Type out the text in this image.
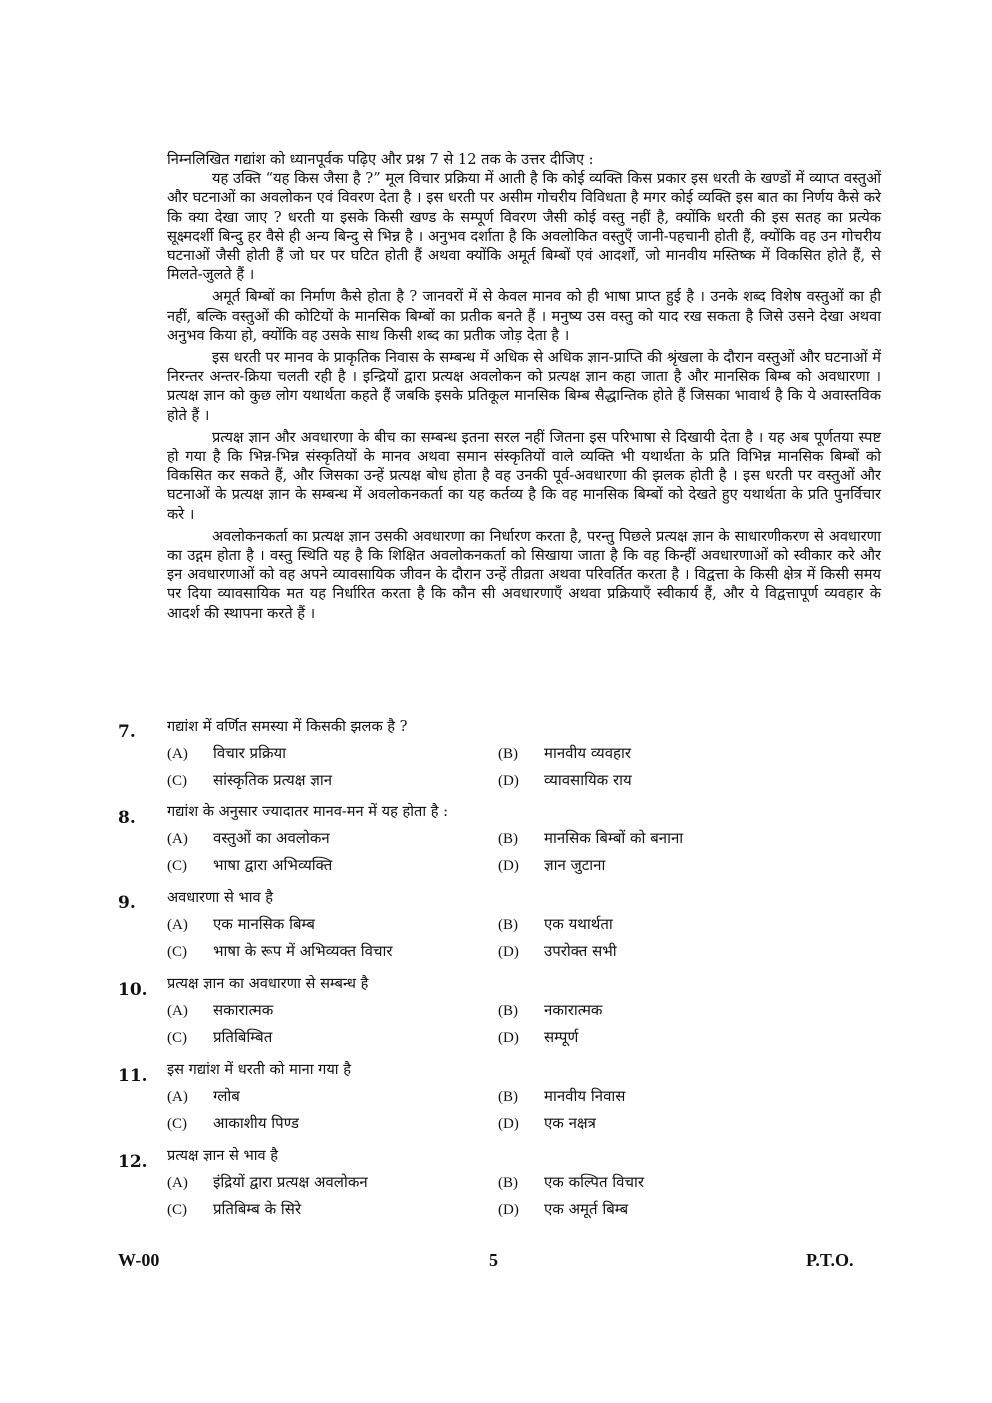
निम्नलिखित गद्यांश को ध्यानपूर्वक पढ़िए और प्रश्न 7 से 12 तक के उत्तर दीजिए :

यह उक्ति “यह किस जैसा है ?” मूल विचार प्रक्रिया में आती है कि कोई व्यक्ति किस प्रकार इस धरती के खण्डों में व्याप्त वस्तुओं और घटनाओं का अवलोकन एवं विवरण देता है । इस धरती पर असीम गोचरीय विविधता है मगर कोई व्यक्ति इस बात का निर्णय कैसे करे कि क्या देखा जाए ? धरती या इसके किसी खण्ड के सम्पूर्ण विवरण जैसी कोई वस्तु नहीं है, क्योंकि धरती की इस सतह का प्रत्येक सूक्ष्मदर्शी बिन्दु हर वैसे ही अन्य बिन्दु से भिन्न है । अनुभव दर्शाता है कि अवलोकित वस्तुएँ जानी-पहचानी होती हैं, क्योंकि वह उन गोचरीय घटनाओं जैसी होती हैं जो घर पर घटित होती हैं अथवा क्योंकि अमूर्त बिम्बों एवं आदर्शों, जो मानवीय मस्तिष्क में विकसित होते हैं, से मिलते-जुलते हैं ।

अमूर्त बिम्बों का निर्माण कैसे होता है ? जानवरों में से केवल मानव को ही भाषा प्राप्त हुई है । उनके शब्द विशेष वस्तुओं का ही नहीं, बल्कि वस्तुओं की कोटियों के मानसिक बिम्बों का प्रतीक बनते हैं । मनुष्य उस वस्तु को याद रख सकता है जिसे उसने देखा अथवा अनुभव किया हो, क्योंकि वह उसके साथ किसी शब्द का प्रतीक जोड़ देता है ।

इस धरती पर मानव के प्राकृतिक निवास के सम्बन्ध में अधिक से अधिक ज्ञान-प्राप्ति की श्रृंखला के दौरान वस्तुओं और घटनाओं में निरन्तर अन्तर-क्रिया चलती रही है । इन्द्रियों द्वारा प्रत्यक्ष अवलोकन को प्रत्यक्ष ज्ञान कहा जाता है और मानसिक बिम्ब को अवधारणा । प्रत्यक्ष ज्ञान को कुछ लोग यथार्थता कहते हैं जबकि इसके प्रतिकूल मानसिक बिम्ब सैद्धान्तिक होते हैं जिसका भावार्थ है कि ये अवास्तविक होते हैं ।

प्रत्यक्ष ज्ञान और अवधारणा के बीच का सम्बन्ध इतना सरल नहीं जितना इस परिभाषा से दिखायी देता है । यह अब पूर्णतया स्पष्ट हो गया है कि भिन्न-भिन्न संस्कृतियों के मानव अथवा समान संस्कृतियों वाले व्यक्ति भी यथार्थता के प्रति विभिन्न मानसिक बिम्बों को विकसित कर सकते हैं, और जिसका उन्हें प्रत्यक्ष बोध होता है वह उनकी पूर्व-अवधारणा की झलक होती है । इस धरती पर वस्तुओं और घटनाओं के प्रत्यक्ष ज्ञान के सम्बन्ध में अवलोकनकर्ता का यह कर्तव्य है कि वह मानसिक बिम्बों को देखते हुए यथार्थता के प्रति पुनर्विचार करे ।

अवलोकनकर्ता का प्रत्यक्ष ज्ञान उसकी अवधारणा का निर्धारण करता है, परन्तु पिछले प्रत्यक्ष ज्ञान के साधारणीकरण से अवधारणा का उद्गम होता है । वस्तु स्थिति यह है कि शिक्षित अवलोकनकर्ता को सिखाया जाता है कि वह किन्हीं अवधारणाओं को स्वीकार करे और इन अवधारणाओं को वह अपने व्यावसायिक जीवन के दौरान उन्हें तीव्रता अथवा परिवर्तित करता है । विद्वत्ता के किसी क्षेत्र में किसी समय पर दिया व्यावसायिक मत यह निर्धारित करता है कि कौन सी अवधारणाएँ अथवा प्रक्रियाएँ स्वीकार्य हैं, और ये विद्वत्तापूर्ण व्यवहार के आदर्श की स्थापना करते हैं ।

7.	गद्यांश में वर्णित समस्या में किसकी झलक है ?
(A) विचार प्रक्रिया	(B) मानवीय व्यवहार
(C) सांस्कृतिक प्रत्यक्ष ज्ञान	(D) व्यावसायिक राय
8.	गद्यांश के अनुसार ज्यादातर मानव-मन में यह होता है :
(A) वस्तुओं का अवलोकन	(B) मानसिक बिम्बों को बनाना
(C) भाषा द्वारा अभिव्यक्ति	(D) ज्ञान जुटाना
9.	अवधारणा से भाव है
(A) एक मानसिक बिम्ब	(B) एक यथार्थता
(C) भाषा के रूप में अभिव्यक्त विचार	(D) उपरोक्त सभी
10.	प्रत्यक्ष ज्ञान का अवधारणा से सम्बन्ध है
(A) सकारात्मक	(B) नकारात्मक
(C) प्रतिबिम्बित	(D) सम्पूर्ण
11.	इस गद्यांश में धरती को माना गया है
(A) ग्लोब	(B) मानवीय निवास
(C) आकाशीय पिण्ड	(D) एक नक्षत्र
12.	प्रत्यक्ष ज्ञान से भाव है
(A) इंद्रियों द्वारा प्रत्यक्ष अवलोकन	(B) एक कल्पित विचार
(C) प्रतिबिम्ब के सिरे	(D) एक अमूर्त बिम्ब
W-00	5	P.T.O.
